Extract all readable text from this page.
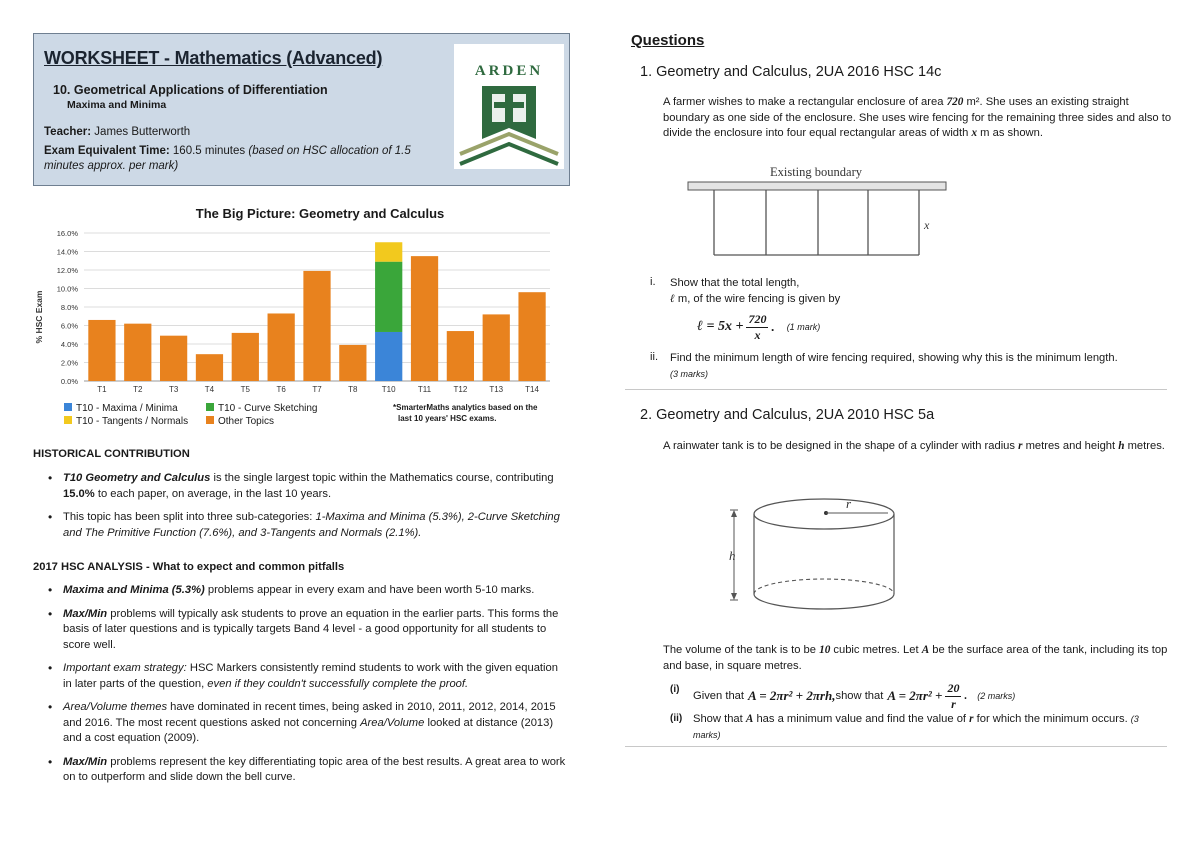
WORKSHEET - Mathematics (Advanced)
10. Geometrical Applications of Differentiation
Maxima and Minima
Teacher: James Butterworth
Exam Equivalent Time: 160.5 minutes (based on HSC allocation of 1.5 minutes approx. per mark)
ARDEN
The Big Picture: Geometry and Calculus
% HSC Exam
0.0%
2.0%
4.0%
6.0%
8.0%
10.0%
12.0%
14.0%
16.0%
T1	T2	T3	T4	T5	T6	T7	T8	T10	T11	T12	T13	T14
T10 - Maxima / Minima
T10 - Tangents / Normals
T10 - Curve Sketching
Other Topics
*SmarterMaths analytics based on the
last 10 years' HSC exams.
HISTORICAL CONTRIBUTION
• T10 Geometry and Calculus is the single largest topic within the Mathematics course, contributing 15.0% to each paper, on average, in the last 10 years.
• This topic has been split into three sub-categories: 1-Maxima and Minima (5.3%), 2-Curve Sketching and The Primitive Function (7.6%), and 3-Tangents and Normals (2.1%).
2017 HSC ANALYSIS - What to expect and common pitfalls
• Maxima and Minima (5.3%) problems appear in every exam and have been worth 5-10 marks.
• Max/Min problems will typically ask students to prove an equation in the earlier parts. This forms the basis of later questions and is typically targets Band 4 level - a good opportunity for all students to score well.
• Important exam strategy: HSC Markers consistently remind students to work with the given equation in later parts of the question, even if they couldn't successfully complete the proof.
• Area/Volume themes have dominated in recent times, being asked in 2010, 2011, 2012, 2014, 2015 and 2016. The most recent questions asked not concerning Area/Volume looked at distance (2013) and a cost equation (2009).
• Max/Min problems represent the key differentiating topic area of the best results. A great area to work on to outperform and slide down the bell curve.
Questions
1. Geometry and Calculus, 2UA 2016 HSC 14c
A farmer wishes to make a rectangular enclosure of area 720 m². She uses an existing straight boundary as one side of the enclosure. She uses wire fencing for the remaining three sides and also to divide the enclosure into four equal rectangular areas of width x m as shown.
Existing boundary
x
i. Show that the total length,
ℓ m, of the wire fencing is given by
ℓ = $5x + \frac{720}{x}$ . (1 mark)
ii. Find the minimum length of wire fencing required, showing why this is the minimum length.
(3 marks)
2. Geometry and Calculus, 2UA 2010 HSC 5a
A rainwater tank is to be designed in the shape of a cylinder with radius r metres and height h metres.
r
h
The volume of the tank is to be 10 cubic metres. Let A be the surface area of the tank, including its top and base, in square metres.
(i)
Given that A = 2πr² + 2πrh, show that $A = 2\pi r^2 + \frac{20}{r}$ . (2 marks)
(ii) Show that A has a minimum value and find the value of r for which the minimum occurs. (3 marks)
